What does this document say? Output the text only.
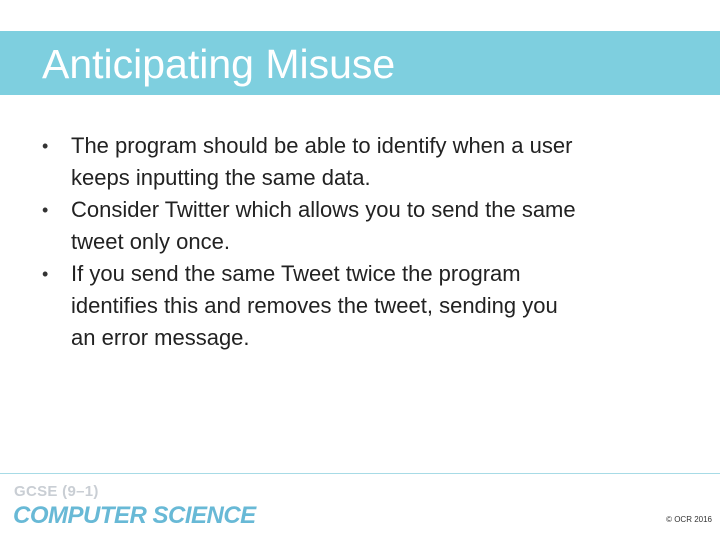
Anticipating Misuse
• The program should be able to identify when a user
keeps inputting the same data.
• Consider Twitter which allows you to send the same
tweet only once.
• If you send the same Tweet twice the program
identifies this and removes the tweet, sending you
an error message.
GCSE (9–1)
COMPUTER SCIENCE	© OCR 2016
